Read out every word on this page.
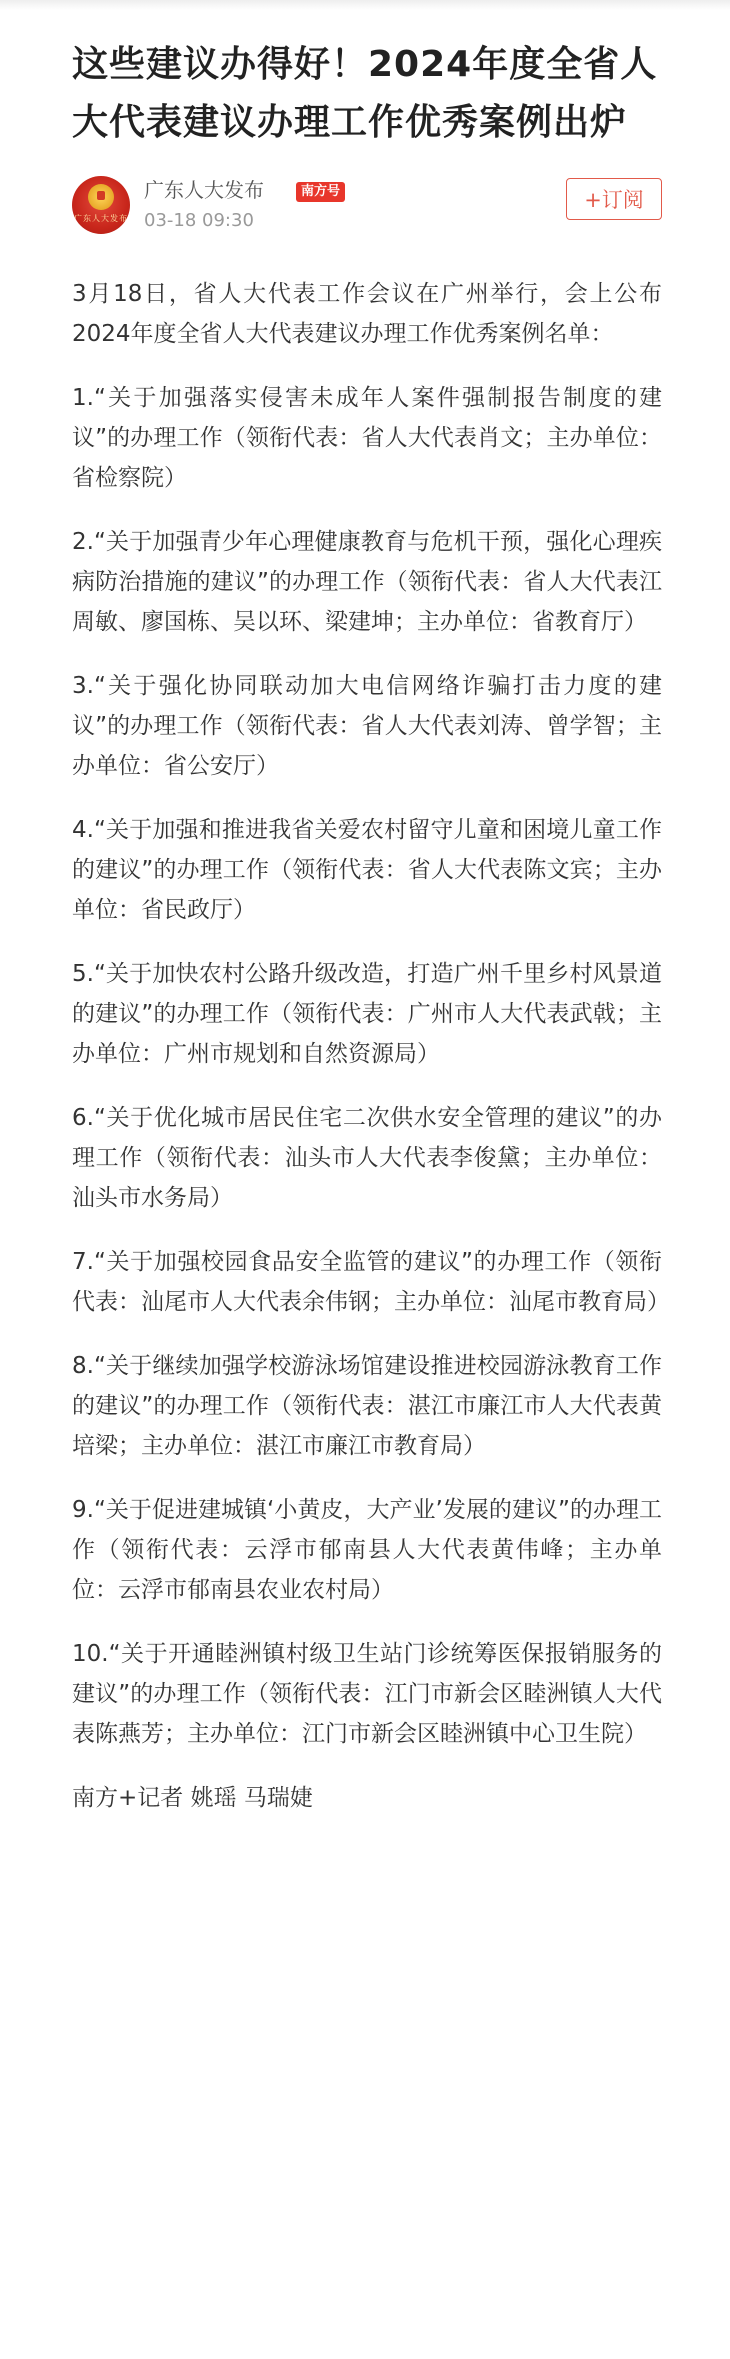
这些建议办得好！2024年度全省人大代表建议办理工作优秀案例出炉
广东人大发布
广东人大发布	南方号
03-18 09:30
+订阅

3月18日，省人大代表工作会议在广州举行，会上公布2024年度全省人大代表建议办理工作优秀案例名单：

1.“关于加强落实侵害未成年人案件强制报告制度的建议”的办理工作（领衔代表：省人大代表肖文；主办单位：省检察院）

2.“关于加强青少年心理健康教育与危机干预，强化心理疾病防治措施的建议”的办理工作（领衔代表：省人大代表江周敏、廖国栋、吴以环、梁建坤；主办单位：省教育厅）

3.“关于强化协同联动加大电信网络诈骗打击力度的建议”的办理工作（领衔代表：省人大代表刘涛、曾学智；主办单位：省公安厅）

4.“关于加强和推进我省关爱农村留守儿童和困境儿童工作的建议”的办理工作（领衔代表：省人大代表陈文宾；主办单位：省民政厅）

5.“关于加快农村公路升级改造，打造广州千里乡村风景道的建议”的办理工作（领衔代表：广州市人大代表武戟；主办单位：广州市规划和自然资源局）

6.“关于优化城市居民住宅二次供水安全管理的建议”的办理工作（领衔代表：汕头市人大代表李俊黛；主办单位：汕头市水务局）

7.“关于加强校园食品安全监管的建议”的办理工作（领衔代表：汕尾市人大代表余伟钢；主办单位：汕尾市教育局）

8.“关于继续加强学校游泳场馆建设推进校园游泳教育工作的建议”的办理工作（领衔代表：湛江市廉江市人大代表黄培梁；主办单位：湛江市廉江市教育局）

9.“关于促进建城镇‘小黄皮，大产业’发展的建议”的办理工作（领衔代表：云浮市郁南县人大代表黄伟峰；主办单位：云浮市郁南县农业农村局）

10.“关于开通睦洲镇村级卫生站门诊统筹医保报销服务的建议”的办理工作（领衔代表：江门市新会区睦洲镇人大代表陈燕芳；主办单位：江门市新会区睦洲镇中心卫生院）

南方+记者 姚瑶 马瑞婕
